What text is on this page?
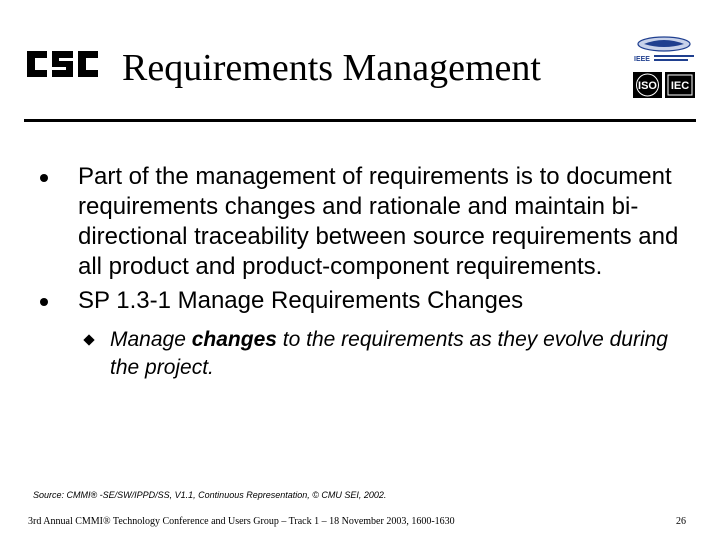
Requirements Management	IEEE
ISO IEC
Part of the management of requirements is to document requirements changes and rationale and maintain bi-directional traceability between source requirements and all product and product-component requirements.
SP 1.3-1 Manage Requirements Changes
Manage changes to the requirements as they evolve during the project.
Source: CMMI® -SE/SW/IPPD/SS, V1.1, Continuous Representation, © CMU SEI, 2002.
3rd Annual CMMI® Technology Conference and Users Group – Track 1 – 18 November 2003, 1600-1630	26
